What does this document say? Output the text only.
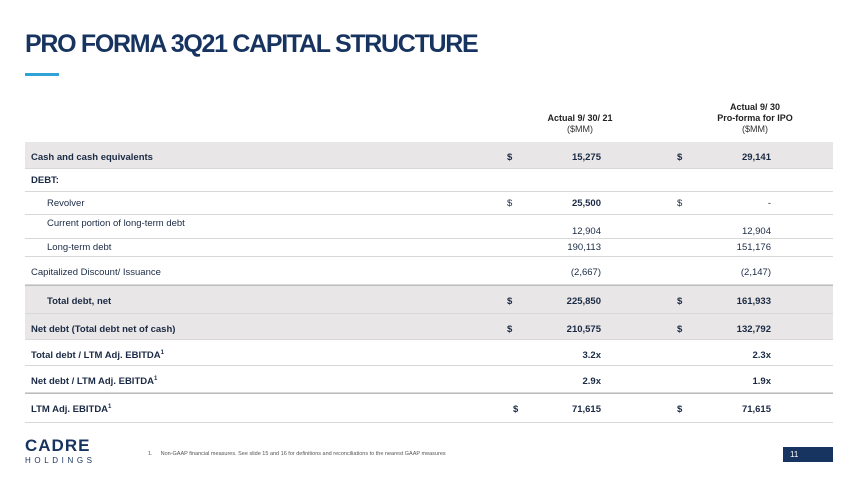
PRO FORMA 3Q21 CAPITAL STRUCTURE
Actual 9/ 30/ 21
($MM)
Actual 9/ 30
Pro-forma for IPO
($MM)
Cash and cash equivalents	$	15,275	$	29,141
DEBT:
Revolver	$	25,500	$	-
Current portion of long-term debt
12,904	12,904
Long-term debt	190,113	151,176
Capitalized Discount/ Issuance	(2,667)	(2,147)
Total debt, net	$	225,850	$	161,933
Net debt (Total debt net of cash)	$	210,575	$	132,792
Total debt / LTM Adj. EBITDA$^1$	3.2x	2.3x
Net debt / LTM Adj. EBITDA$^1$	2.9x	1.9x
LTM Adj. EBITDA$^1$	$	71,615	$	71,615
CADRE
HOLDINGS
1. Non-GAAP financial measures. See slide 15 and 16 for definitions and reconciliations to the nearest GAAP measures	11
